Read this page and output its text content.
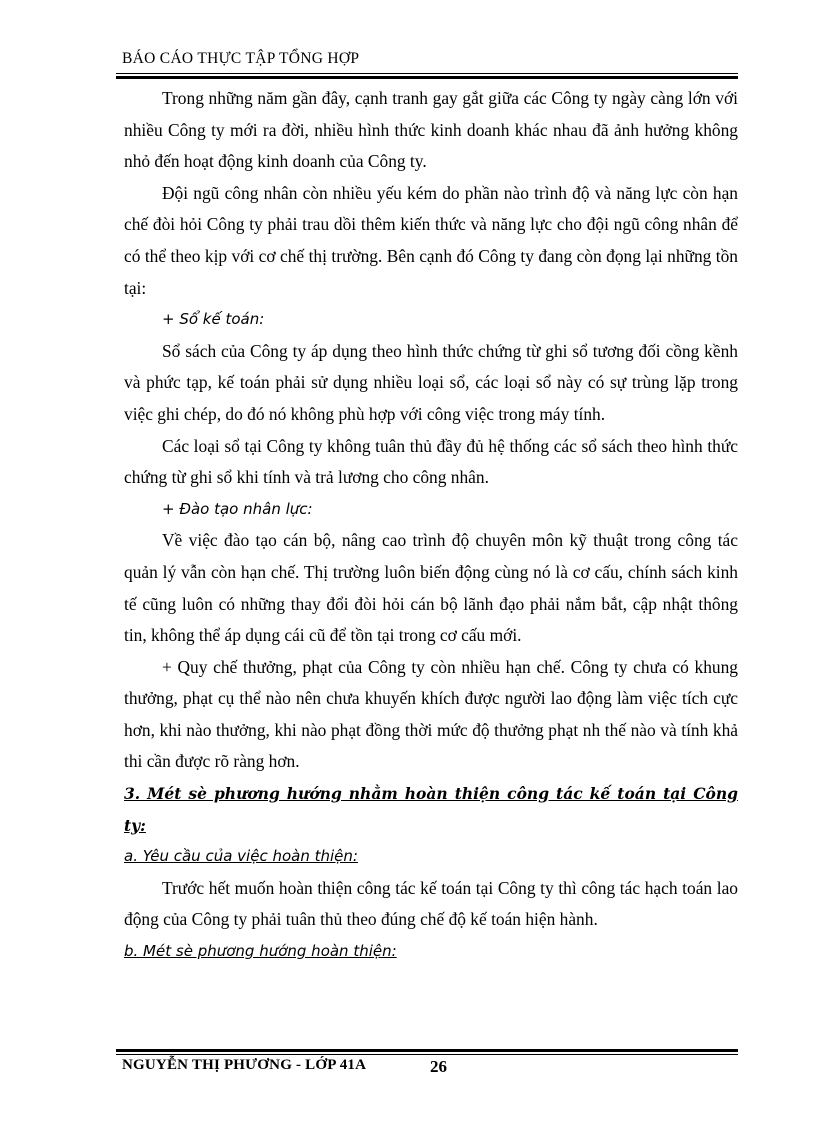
BÁO CÁO THỰC TẬP TỔNG HỢP

Trong những năm gần đây, cạnh tranh gay gắt giữa các Công ty ngày càng lớn với nhiều Công ty mới ra đời, nhiều hình thức kinh doanh khác nhau đã ảnh hưởng không nhỏ đến hoạt động kinh doanh của Công ty.

Đội ngũ công nhân còn nhiều yếu kém do phần nào trình độ và năng lực còn hạn chế đòi hỏi Công ty phải trau dồi thêm kiến thức và năng lực cho đội ngũ công nhân để có thể theo kịp với cơ chế thị trường. Bên cạnh đó Công ty đang còn đọng lại những tồn tại:

+ Sổ kế toán:

Sổ sách của Công ty áp dụng theo hình thức chứng từ ghi sổ tương đối cồng kềnh và phức tạp, kế toán phải sử dụng nhiều loại sổ, các loại sổ này có sự trùng lặp trong việc ghi chép, do đó nó không phù hợp với công việc trong máy tính.

Các loại sổ tại Công ty không tuân thủ đầy đủ hệ thống các sổ sách theo hình thức chứng từ ghi sổ khi tính và trả lương cho công nhân.

+ Đào tạo nhân lực:

Về việc đào tạo cán bộ, nâng cao trình độ chuyên môn kỹ thuật trong công tác quản lý vẫn còn hạn chế. Thị trường luôn biến động cùng nó là cơ cấu, chính sách kinh tế cũng luôn có những thay đổi đòi hỏi cán bộ lãnh đạo phải nắm bắt, cập nhật thông tin, không thể áp dụng cái cũ để tồn tại trong cơ cấu mới.

+ Quy chế thưởng, phạt của Công ty còn nhiều hạn chế. Công ty chưa có khung thưởng, phạt cụ thể nào nên chưa khuyến khích được người lao động làm việc tích cực hơn, khi nào thưởng, khi nào phạt đồng thời mức độ thưởng phạt nh thế nào và tính khả thi cần được rõ ràng hơn.

3. Mét sè phương hướng nhằm hoàn thiện công tác kế toán tại Công ty:

a. Yêu cầu của việc hoàn thiện:

Trước hết muốn hoàn thiện công tác kế toán tại Công ty thì công tác hạch toán lao động của Công ty phải tuân thủ theo đúng chế độ kế toán hiện hành.

b. Mét sè phương hướng hoàn thiện:

NGUYỄN THỊ PHƯƠNG - LỚP 41A	26
